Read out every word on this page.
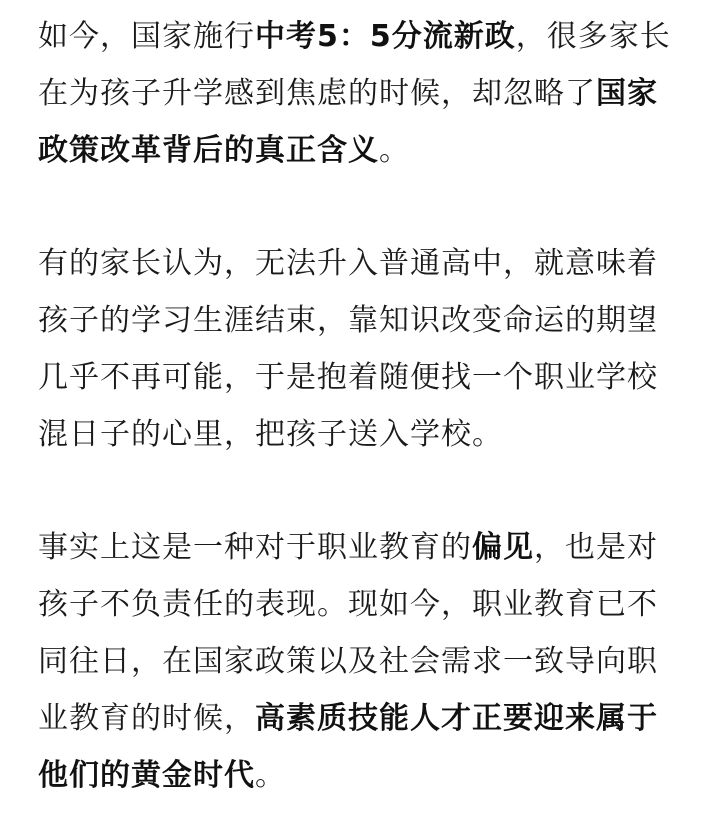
如今，国家施行中考5：5分流新政，很多家长
在为孩子升学感到焦虑的时候，却忽略了国家
政策改革背后的真正含义。
有的家长认为，无法升入普通高中，就意味着
孩子的学习生涯结束，靠知识改变命运的期望
几乎不再可能，于是抱着随便找一个职业学校
混日子的心里，把孩子送入学校。
事实上这是一种对于职业教育的偏见，也是对
孩子不负责任的表现。现如今，职业教育已不
同往日，在国家政策以及社会需求一致导向职
业教育的时候，高素质技能人才正要迎来属于
他们的黄金时代。
